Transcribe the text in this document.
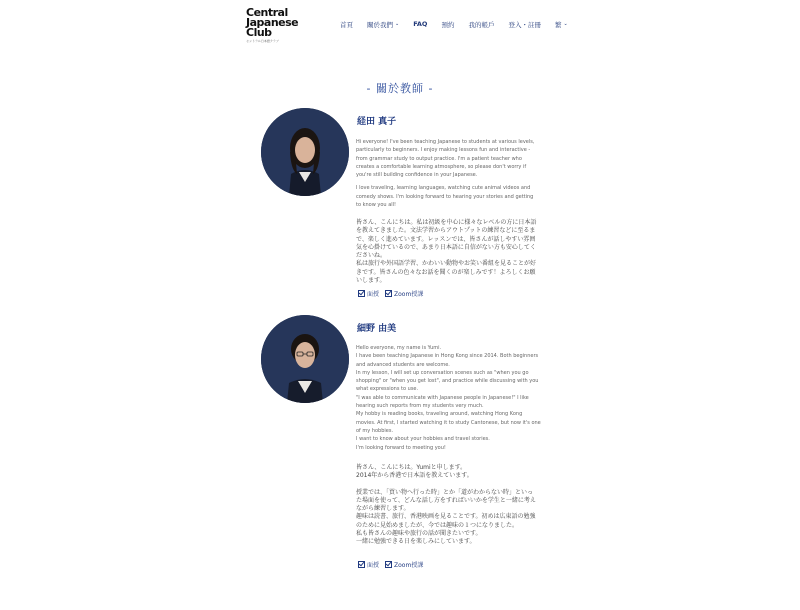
Central
Japanese
Club
セントラル日本語クラブ
首頁 關於我們 ⌄ FAQ 預約 我的帳戶 登入・註冊 繁 ⌄
- 關於教師 -
経田 真子

Hi everyone! I've been teaching Japanese to students at various levels,

particularly to beginners. I enjoy making lessons fun and interactive -

from grammar study to output practice. I'm a patient teacher who

creates a comfortable learning atmosphere, so please don't worry if

you're still building confidence in your Japanese.

I love traveling, learning languages, watching cute animal videos and

comedy shows. I'm looking forward to hearing your stories and getting

to know you all!

皆さん、こんにちは。私は初級を中心に様々なレベルの方に日本語

を教えてきました。文法学習からアウトプットの練習などに至るま

で、楽しく進めています。レッスンでは、皆さんが話しやすい雰囲

気を心掛けているので、あまり日本語に自信がない方も安心してく

ださいね。

私は旅行や外国語学習、かわいい動物やお笑い番組を見ることが好

きです。皆さんの色々なお話を聞くのが楽しみです！よろしくお願

いします。

面授	Zoom授課
細野 由美

Hello everyone, my name is Yumi.

I have been teaching Japanese in Hong Kong since 2014. Both beginners

and advanced students are welcome.

In my lesson, I will set up conversation scenes such as "when you go

shopping" or "when you get lost", and practice while discussing with you

what expressions to use.

"I was able to communicate with Japanese people in Japanese!" I like

hearing such reports from my students very much.

My hobby is reading books, traveling around, watching Hong Kong

movies. At first, I started watching it to study Cantonese, but now it's one

of my hobbies.

I want to know about your hobbies and travel stories.

I'm looking forward to meeting you!

皆さん、こんにちは。Yumiと申します。

2014年から香港で日本語を教えています。

授業では、「買い物へ行った時」とか「道がわからない時」といっ

た場面を使って、どんな話し方をすればいいかを学生と一緒に考え

ながら練習します。

趣味は読書、旅行、香港映画を見ることです。初めは広東語の勉強

のために見始めましたが、今では趣味の１つになりました。

私も皆さんの趣味や旅行の話が聞きたいです。

一緒に勉強できる日を楽しみにしています。

面授	Zoom授課
